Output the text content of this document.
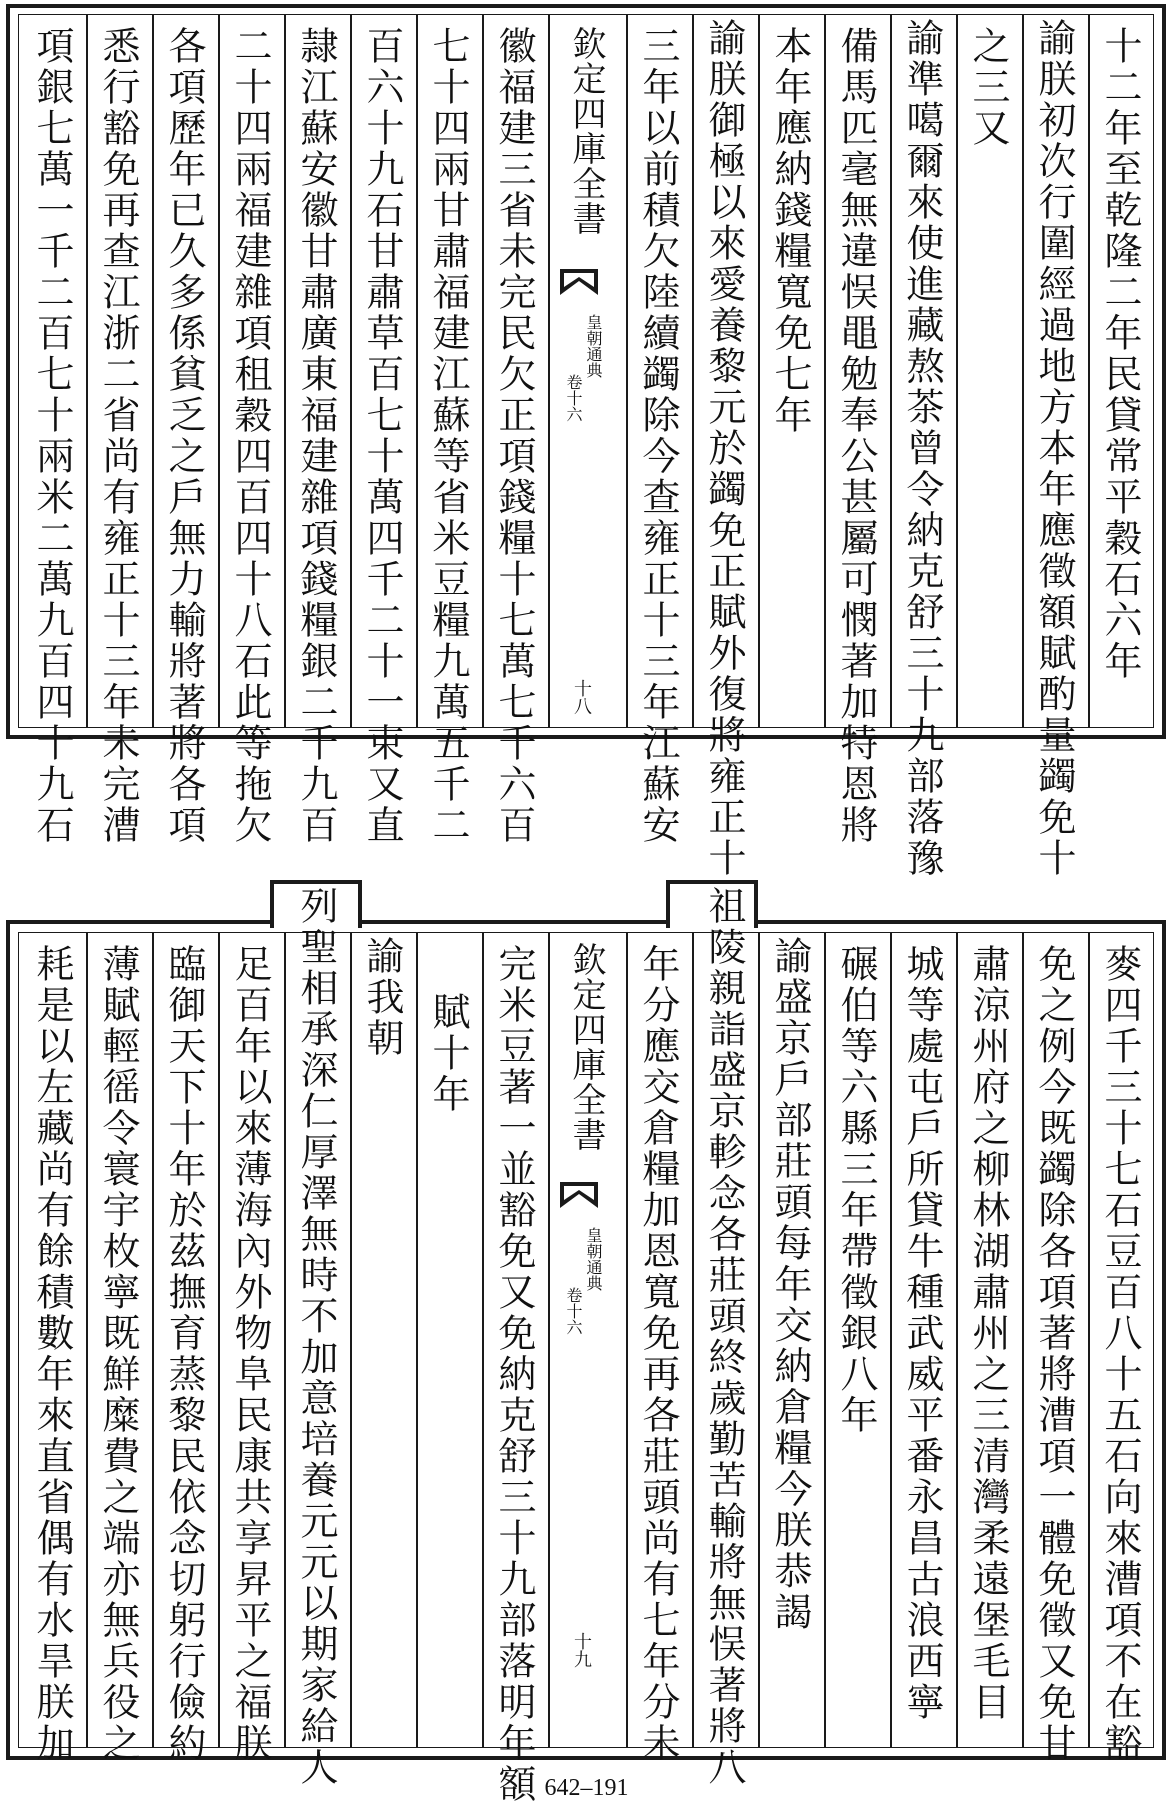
十二年至乾隆二年民貸常平穀石六年
諭朕初次行圍經過地方本年應徵額賦酌量蠲免十
之三又
諭準噶爾來使進藏熬茶曾令納克舒三十九部落豫
備馬匹毫無違悮黽勉奉公甚屬可憫著加特恩將
本年應納錢糧寬免七年
諭朕御極以來愛養黎元於蠲免正賦外復將雍正十
三年以前積欠陸續蠲除今查雍正十三年江蘇安
徽福建三省未完民欠正項錢糧十七萬七千六百
七十四兩甘肅福建江蘇等省米豆糧九萬五千二
百六十九石甘肅草百七十萬四千二十一束又直
隷江蘇安徽甘肅廣東福建雜項錢糧銀二千九百
二十四兩福建雜項租穀四百四十八石此等拖欠
各項歷年已久多係貧乏之戶無力輸將著將各項
悉行豁免再查江浙二省尚有雍正十三年未完漕
項銀七萬一千二百七十兩米二萬九百四十九石	欽定四庫全書
皇朝通典
卷十六
十八
麥四千三十七石豆百八十五石向來漕項不在豁
免之例今既蠲除各項著將漕項一體免徵又免甘
肅涼州府之柳林湖肅州之三清灣柔遠堡毛目
城等處屯戶所貸牛種武威平番永昌古浪西寧
碾伯等六縣三年帶徵銀八年
諭盛京戶部莊頭每年交納倉糧今朕恭謁
祖陵親詣盛京軫念各莊頭終歲勤苦輸將無悮著將八
年分應交倉糧加恩寬免再各莊頭尚有七年分未
完米豆著一並豁免又免納克舒三十九部落明年額
賦十年
諭我朝
列聖相承深仁厚澤無時不加意培養元元以期家給人
足百年以來薄海內外物阜民康共享昇平之福朕
臨御天下十年於茲撫育蒸黎民依念切躬行儉約
薄賦輕徭令寰宇枚寧既鮮糜費之端亦無兵役之
耗是以左藏尚有餘積數年來直省偶有水旱朕加	欽定四庫全書
皇朝通典
卷十六
十九
642–191
